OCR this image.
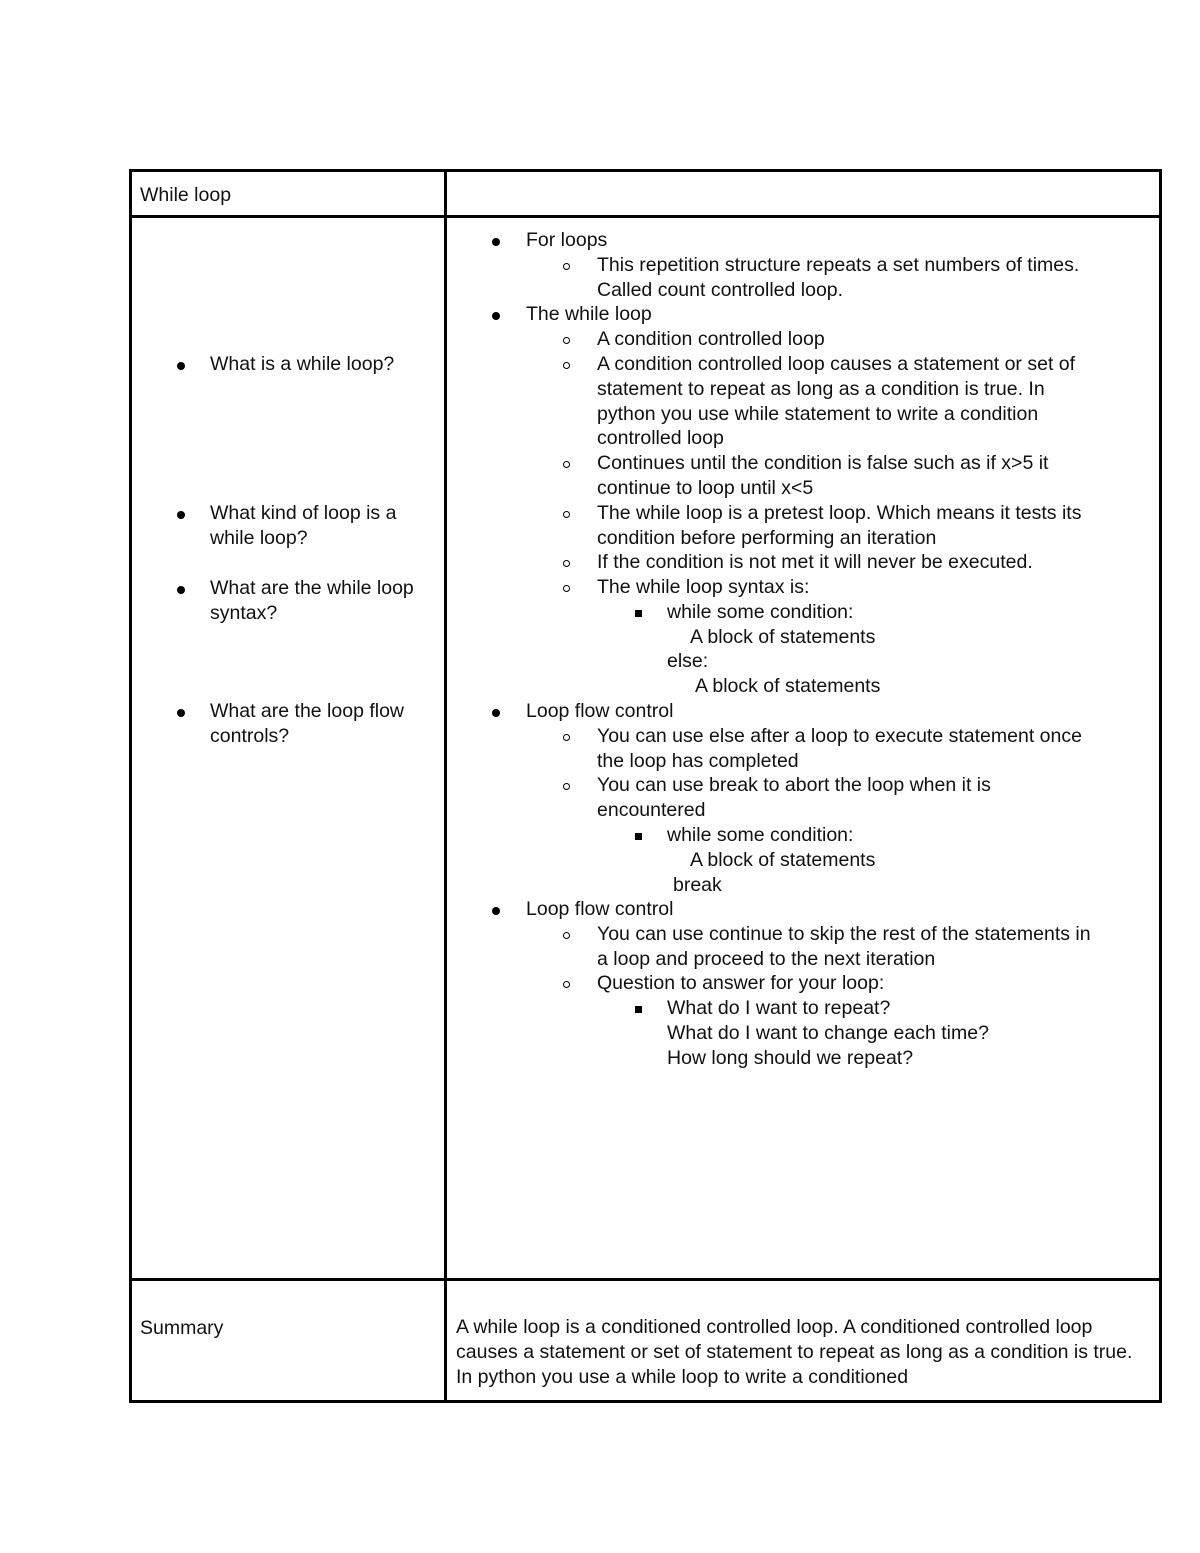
While loop
What is a while loop?
What kind of loop is a
while loop?
What are the while loop
syntax?
What are the loop flow
controls?
For loops
This repetition structure repeats a set numbers of times.
Called count controlled loop.
The while loop
A condition controlled loop
A condition controlled loop causes a statement or set of
statement to repeat as long as a condition is true. In
python you use while statement to write a condition
controlled loop
Continues until the condition is false such as if x>5 it
continue to loop until x<5
The while loop is a pretest loop. Which means it tests its
condition before performing an iteration
If the condition is not met it will never be executed.
The while loop syntax is:
while some condition:
A block of statements
else:
A block of statements
Loop flow control
You can use else after a loop to execute statement once
the loop has completed
You can use break to abort the loop when it is
encountered
while some condition:
A block of statements
break
Loop flow control
You can use continue to skip the rest of the statements in
a loop and proceed to the next iteration
Question to answer for your loop:
What do I want to repeat?
What do I want to change each time?
How long should we repeat?
Summary	A while loop is a conditioned controlled loop. A conditioned controlled loop causes a statement or set of statement to repeat as long as a condition is true. In python you use a while loop to write a conditioned
